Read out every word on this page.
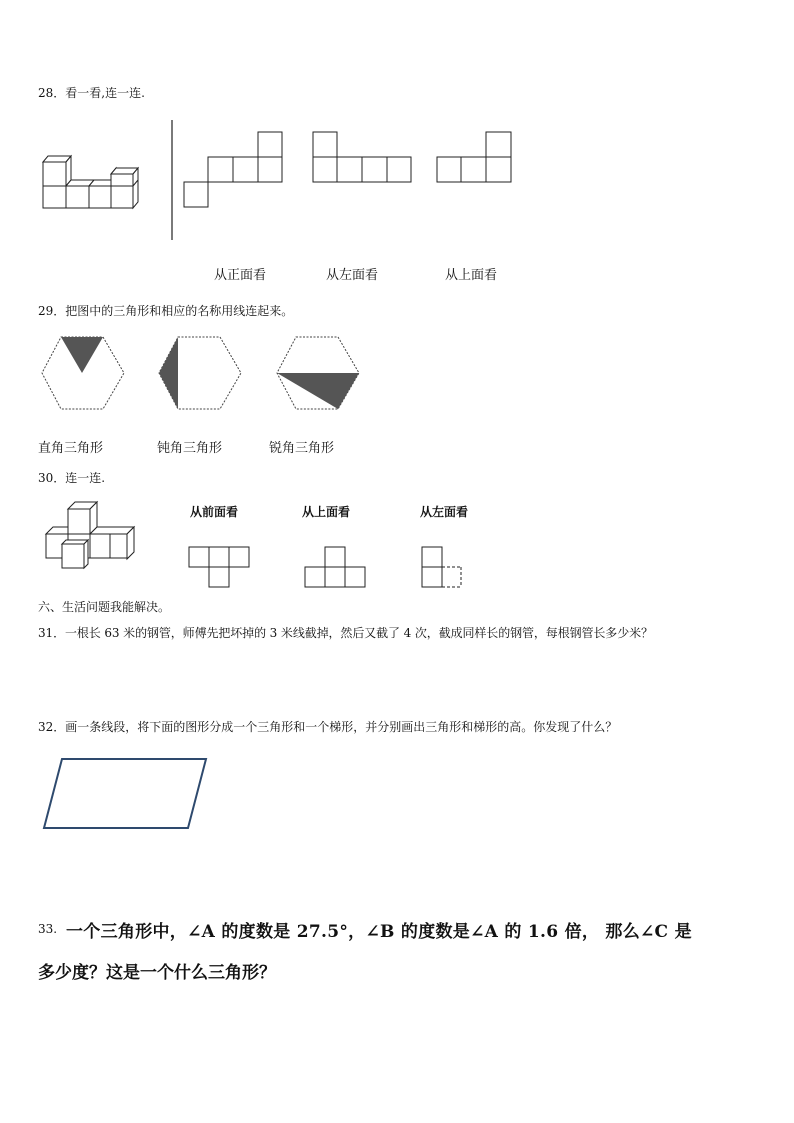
28．看一看,连一连.
从正面看	从左面看	从上面看
29．把图中的三角形和相应的名称用线连起来。
直角三角形	钝角三角形	锐角三角形
30．连一连.
从前面看	从上面看	从左面看
六、生活问题我能解决。
31．一根长 63 米的钢管，师傅先把坏掉的 3 米线截掉，然后又截了 4 次，截成同样长的钢管，每根钢管长多少米？
32．画一条线段，将下面的图形分成一个三角形和一个梯形，并分别画出三角形和梯形的高。你发现了什么？
33. 一个三角形中，∠A 的度数是 27.5°，∠B 的度数是∠A 的 1.6 倍， 那么∠C 是
多少度？这是一个什么三角形？
